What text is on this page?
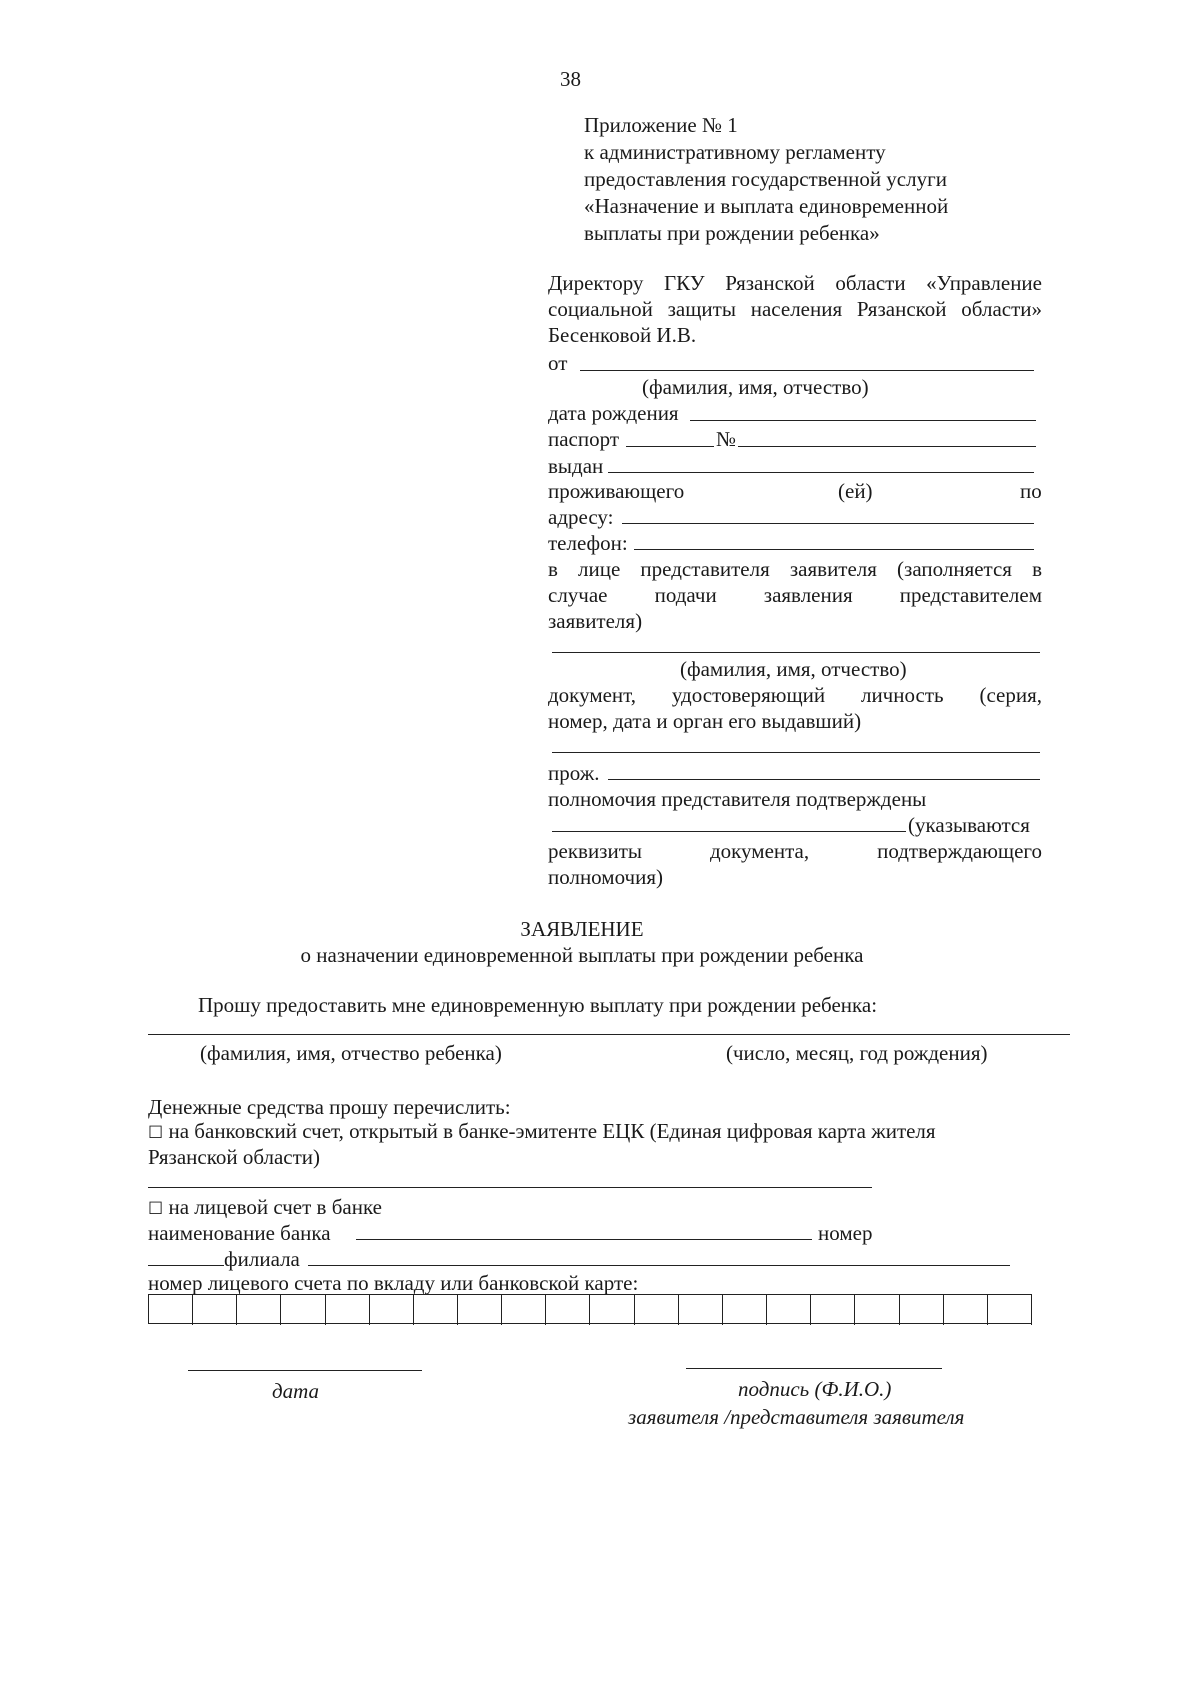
38
Приложение № 1
к административному регламенту
предоставления государственной услуги
«Назначение и выплата единовременной
выплаты при рождении ребенка»
Директору ГКУ Рязанской области «Управление
социальной защиты населения Рязанской области»
Бесенковой И.В.
от
(фамилия, имя, отчество)
дата рождения
паспорт	№
выдан
проживающего	(ей)	по
адресу:
телефон:
в лице представителя заявителя (заполняется в
случае подачи заявления представителем
заявителя)
(фамилия, имя, отчество)
документ, удостоверяющий личность (серия,
номер, дата и орган его выдавший)
прож.
полномочия представителя подтверждены
(указываются
реквизиты документа, подтверждающего
полномочия)
ЗАЯВЛЕНИЕ
о назначении единовременной выплаты при рождении ребенка
Прошу предоставить мне единовременную выплату при рождении ребенка:
(фамилия, имя, отчество ребенка)	(число, месяц, год рождения)
Денежные средства прошу перечислить:
☐ на банковский счет, открытый в банке-эмитенте ЕЦК (Единая цифровая карта жителя
Рязанской области)
☐ на лицевой счет в банке
наименование банка	номер
филиала
номер лицевого счета по вкладу или банковской карте:
дата	подпись (Ф.И.О.)
заявителя /представителя заявителя
